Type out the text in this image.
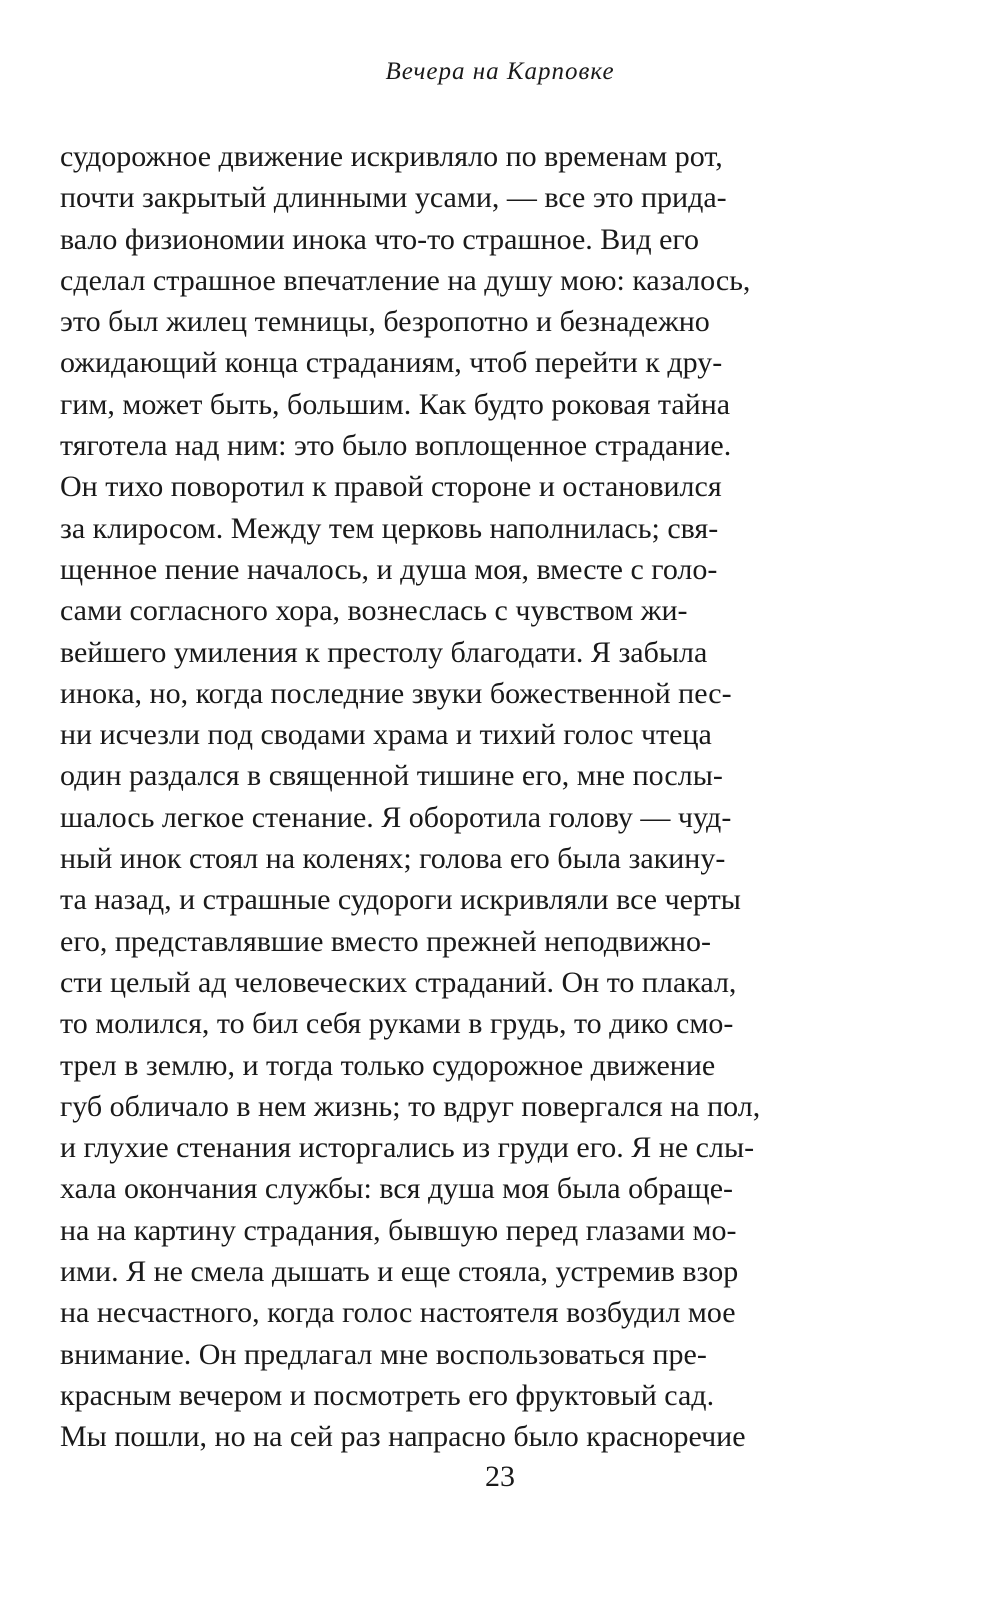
Вечера на Карповке
судорожное движение искривляло по временам рот,
почти закрытый длинными усами, — все это прида-
вало физиономии инока что-то страшное. Вид его
сделал страшное впечатление на душу мою: казалось,
это был жилец темницы, безропотно и безнадежно
ожидающий конца страданиям, чтоб перейти к дру-
гим, может быть, большим. Как будто роковая тайна
тяготела над ним: это было воплощенное страдание.
Он тихо поворотил к правой стороне и остановился
за клиросом. Между тем церковь наполнилась; свя-
щенное пение началось, и душа моя, вместе с голо-
сами согласного хора, вознеслась с чувством жи-
вейшего умиления к престолу благодати. Я забыла
инока, но, когда последние звуки божественной пес-
ни исчезли под сводами храма и тихий голос чтеца
один раздался в священной тишине его, мне послы-
шалось легкое стенание. Я оборотила голову — чуд-
ный инок стоял на коленях; голова его была закину-
та назад, и страшные судороги искривляли все черты
его, представлявшие вместо прежней неподвижно-
сти целый ад человеческих страданий. Он то плакал,
то молился, то бил себя руками в грудь, то дико смо-
трел в землю, и тогда только судорожное движение
губ обличало в нем жизнь; то вдруг повергался на пол,
и глухие стенания исторгались из груди его. Я не слы-
хала окончания службы: вся душа моя была обраще-
на на картину страдания, бывшую перед глазами мо-
ими. Я не смела дышать и еще стояла, устремив взор
на несчастного, когда голос настоятеля возбудил мое
внимание. Он предлагал мне воспользоваться пре-
красным вечером и посмотреть его фруктовый сад.
Мы пошли, но на сей раз напрасно было красноречие
23
